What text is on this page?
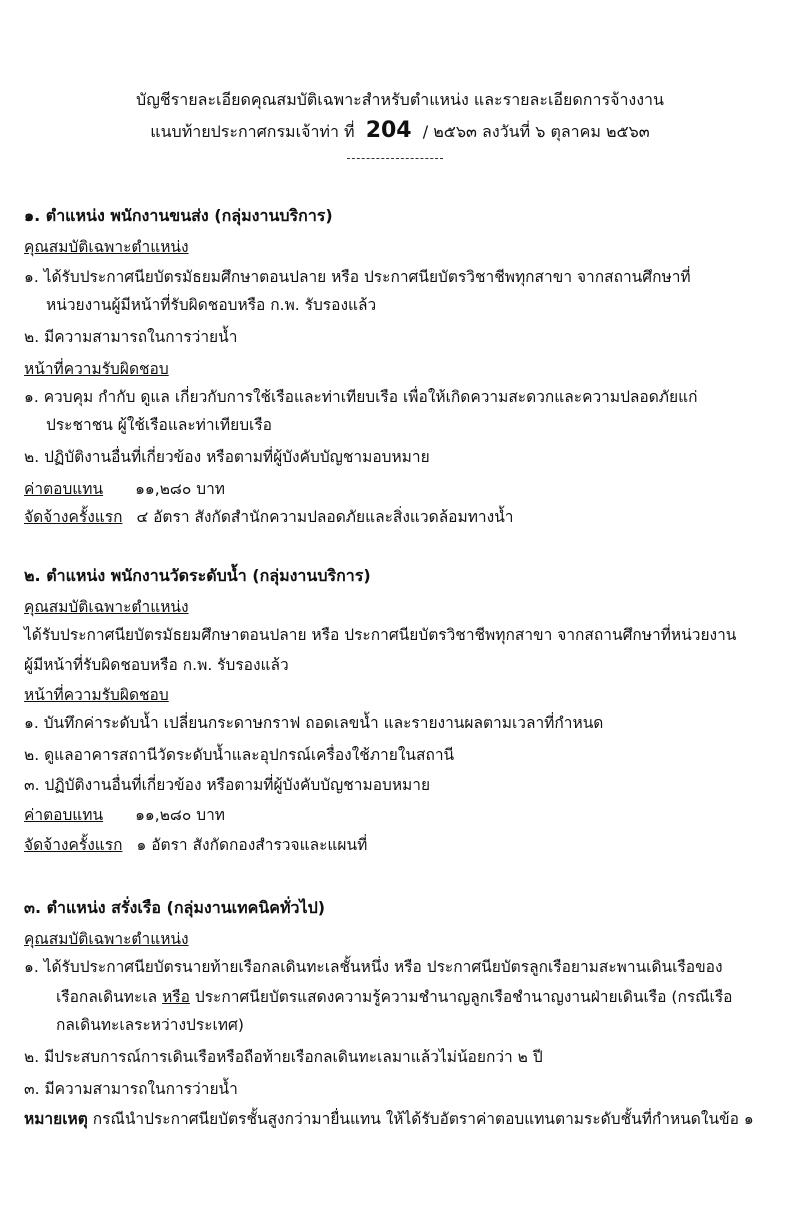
บัญชีรายละเอียดคุณสมบัติเฉพาะสำหรับตำแหน่ง และรายละเอียดการจ้างงาน
แนบท้ายประกาศกรมเจ้าท่า ที่ 204 / ๒๕๖๓ ลงวันที่ ๖ ตุลาคม ๒๕๖๓
๑. ตำแหน่ง พนักงานขนส่ง (กลุ่มงานบริการ)
คุณสมบัติเฉพาะตำแหน่ง
๑. ได้รับประกาศนียบัตรมัธยมศึกษาตอนปลาย หรือ ประกาศนียบัตรวิชาชีพทุกสาขา จากสถานศึกษาที่
หน่วยงานผู้มีหน้าที่รับผิดชอบหรือ ก.พ. รับรองแล้ว
๒. มีความสามารถในการว่ายน้ำ
หน้าที่ความรับผิดชอบ
๑. ควบคุม กำกับ ดูแล เกี่ยวกับการใช้เรือและท่าเทียบเรือ เพื่อให้เกิดความสะดวกและความปลอดภัยแก่
ประชาชน ผู้ใช้เรือและท่าเทียบเรือ
๒. ปฏิบัติงานอื่นที่เกี่ยวข้อง หรือตามที่ผู้บังคับบัญชามอบหมาย
ค่าตอบแทน ๑๑,๒๘๐ บาท
จัดจ้างครั้งแรก ๔ อัตรา สังกัดสำนักความปลอดภัยและสิ่งแวดล้อมทางน้ำ
๒. ตำแหน่ง พนักงานวัดระดับน้ำ (กลุ่มงานบริการ)
คุณสมบัติเฉพาะตำแหน่ง
ได้รับประกาศนียบัตรมัธยมศึกษาตอนปลาย หรือ ประกาศนียบัตรวิชาชีพทุกสาขา จากสถานศึกษาที่หน่วยงาน
ผู้มีหน้าที่รับผิดชอบหรือ ก.พ. รับรองแล้ว
หน้าที่ความรับผิดชอบ
๑. บันทึกค่าระดับน้ำ เปลี่ยนกระดาษกราฟ ถอดเลขน้ำ และรายงานผลตามเวลาที่กำหนด
๒. ดูแลอาคารสถานีวัดระดับน้ำและอุปกรณ์เครื่องใช้ภายในสถานี
๓. ปฏิบัติงานอื่นที่เกี่ยวข้อง หรือตามที่ผู้บังคับบัญชามอบหมาย
ค่าตอบแทน ๑๑,๒๘๐ บาท
จัดจ้างครั้งแรก ๑ อัตรา สังกัดกองสำรวจและแผนที่
๓. ตำแหน่ง สรั่งเรือ (กลุ่มงานเทคนิคทั่วไป)
คุณสมบัติเฉพาะตำแหน่ง
๑. ได้รับประกาศนียบัตรนายท้ายเรือกลเดินทะเลชั้นหนึ่ง หรือ ประกาศนียบัตรลูกเรือยามสะพานเดินเรือของ
เรือกลเดินทะเล หรือ ประกาศนียบัตรแสดงความรู้ความชำนาญลูกเรือชำนาญงานฝ่ายเดินเรือ (กรณีเรือ
กลเดินทะเลระหว่างประเทศ)
๒. มีประสบการณ์การเดินเรือหรือถือท้ายเรือกลเดินทะเลมาแล้วไม่น้อยกว่า ๒ ปี
๓. มีความสามารถในการว่ายน้ำ
หมายเหตุ กรณีนำประกาศนียบัตรชั้นสูงกว่ามายื่นแทน ให้ได้รับอัตราค่าตอบแทนตามระดับชั้นที่กำหนดในข้อ ๑
